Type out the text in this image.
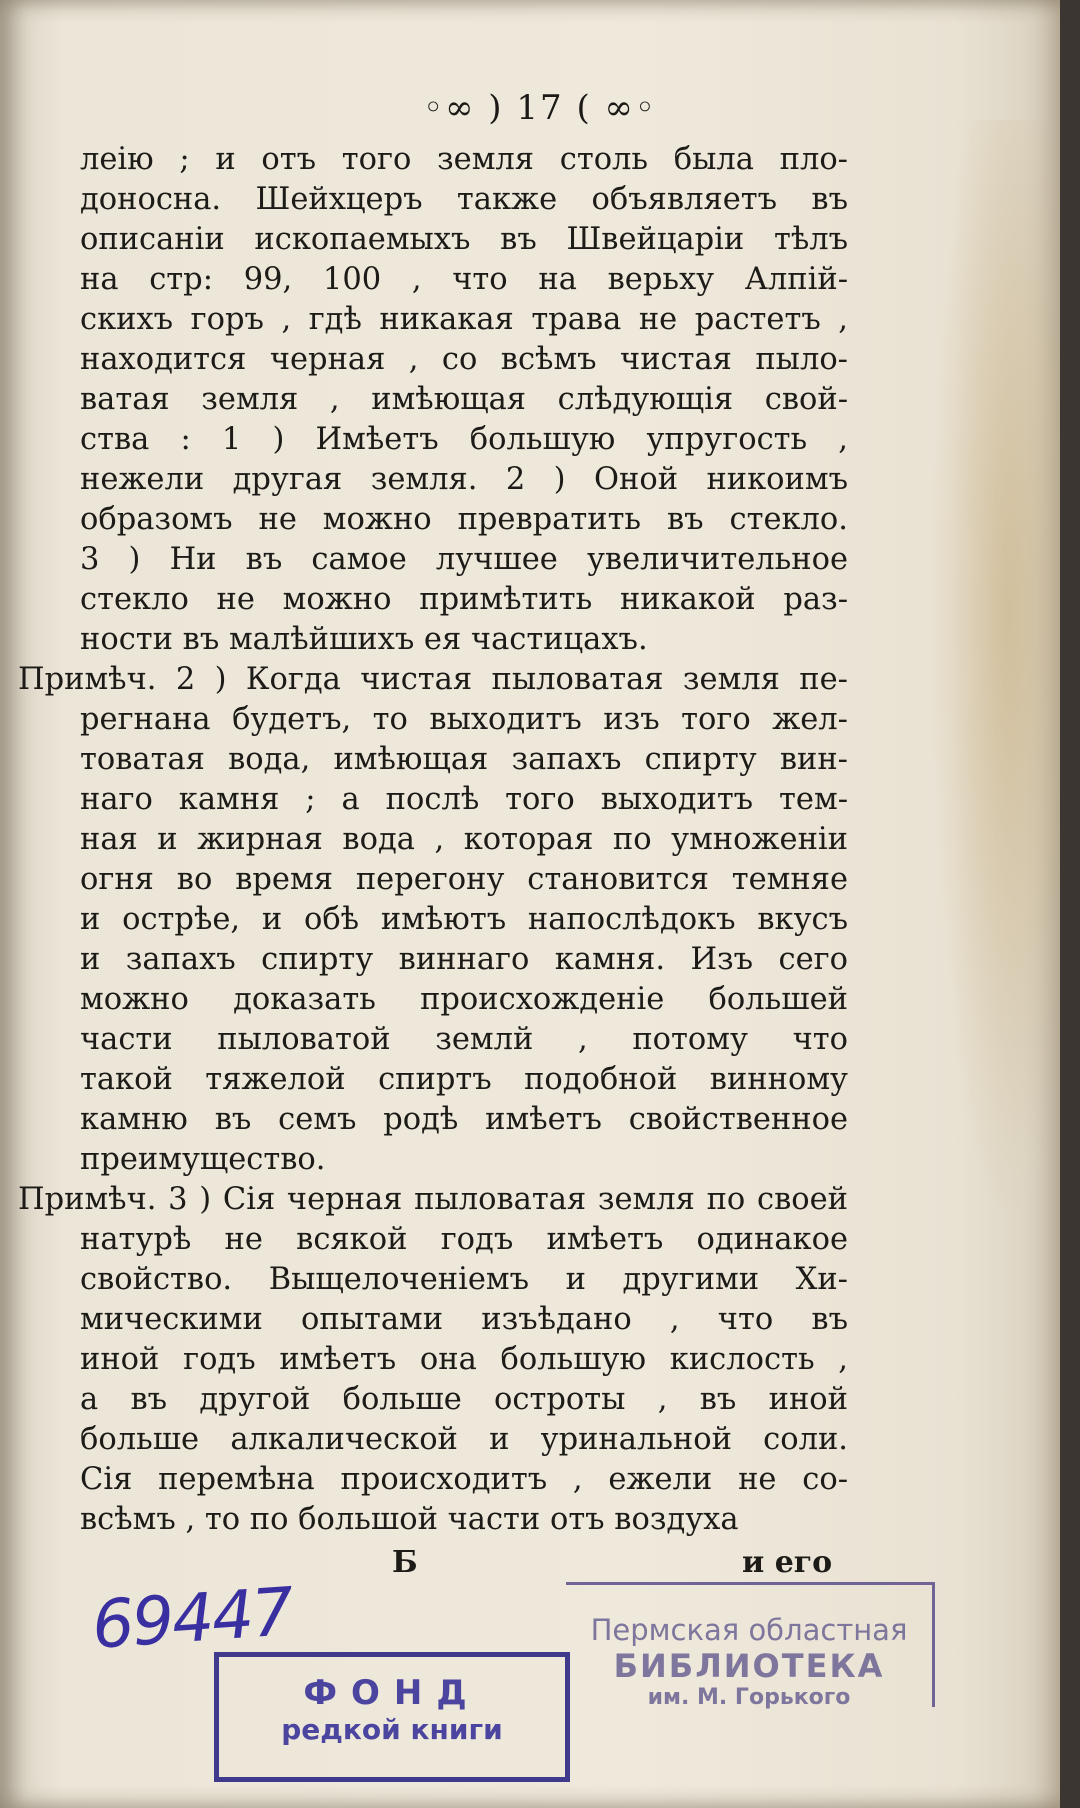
◦∞ ) 17 ( ∞◦

леію ; и отъ того земля столь была пло-
доносна. Шейхцеръ также объявляетъ въ
описаніи ископаемыхъ въ Швейцаріи тѣлъ
на стр: 99, 100 , что на верьху Алпій-
скихъ горъ , гдѣ никакая трава не растетъ ,
находится черная , со всѣмъ чистая пыло-
ватая земля , имѣющая слѣдующія свой-
ства : 1 ) Имѣетъ большую упругость ,
нежели другая земля. 2 ) Оной никоимъ
образомъ не можно превратить въ стекло.
3 ) Ни въ самое лучшее увеличительное
стекло не можно примѣтить никакой раз-
ности въ малѣйшихъ ея частицахъ.

Примѣч. 2 ) Когда чистая пыловатая земля пе-
регнана будетъ, то выходитъ изъ того жел-
товатая вода, имѣющая запахъ спирту вин-
наго камня ; а послѣ того выходитъ тем-
ная и жирная вода , которая по умноженіи
огня во время перегону становится темняе
и острѣе, и обѣ имѣютъ напослѣдокъ вкусъ
и запахъ спирту виннаго камня. Изъ сего
можно доказать происхожденіе большей
части пыловатой землй , потому что
такой тяжелой спиртъ подобной винному
камню въ семъ родѣ имѣетъ свойственное
преимущество.

Примѣч. 3 ) Сія черная пыловатая земля по своей
натурѣ не всякой годъ имѣетъ одинакое
свойство. Выщелоченіемъ и другими Хи-
мическими опытами изъѣдано , что въ
иной годъ имѣетъ она большую кислость ,
а въ другой больше остроты , въ иной
больше алкалической и уринальной соли.
Сія перемѣна происходитъ , ежели не со-
всѣмъ , то по большой части отъ воздуха

Б	и его
69447	Пермская областная
БИБЛИОТЕКА
им. М. Горького
ФОНД
редкой книги
